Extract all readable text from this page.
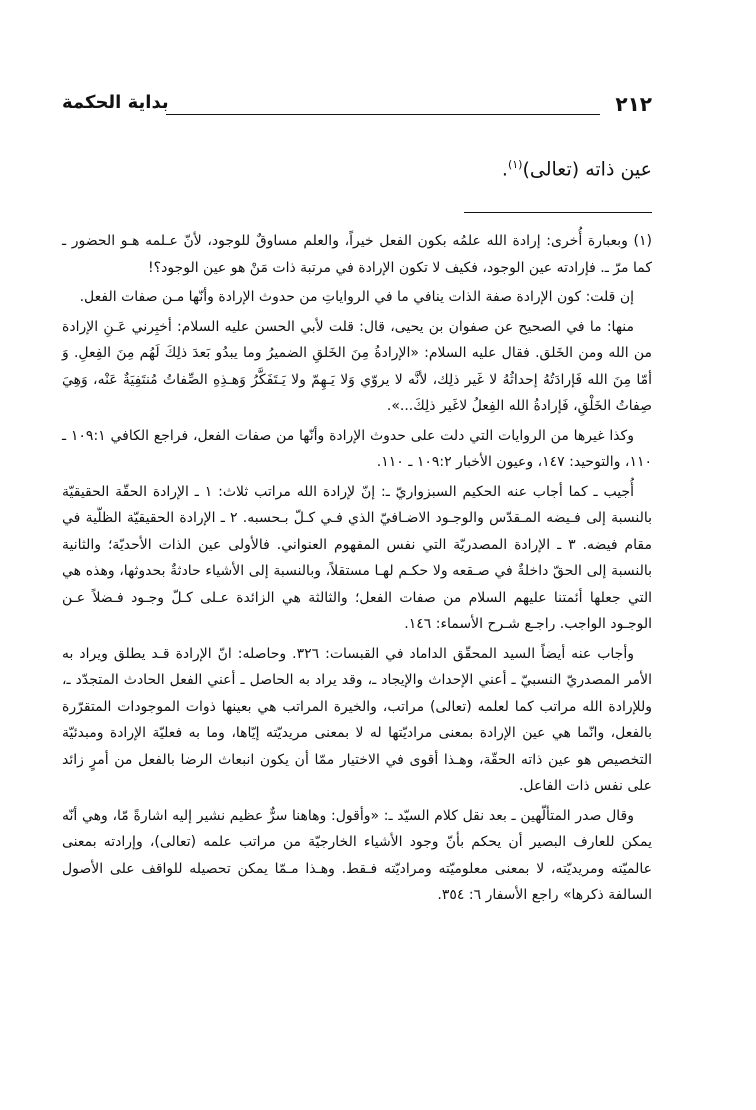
٢١٢
بداية الحكمة
عين ذاته (تعالى)$^{(١)}$.

(١) وبعبارة أُخرى: إرادة الله علمُه بكون الفعل خيراً، والعلم مساوقٌ للوجود، لأنّ عـلمه هـو الحضور ـ كما مرّ ـ. فإرادته عين الوجود، فكيف لا تكون الإرادة في مرتبة ذات مَنْ هو عين الوجود؟!

إن قلت: كون الإرادة صفة الذات ينافي ما في الرواياتِ من حدوث الإرادة وأنّها مـن صفات الفعل.

منها: ما في الصحيح عن صفوان بن يحيى، قال: قلت لأبي الحسن عليه السلام: أخبِرني عَـنِ الإرادة من الله ومن الخَلق. فقال عليه السلام: «الإرادةُ مِنَ الخَلقِ الضميرُ وما يبدُو بَعدَ ذلِكَ لَهُم مِنَ الفِعلِ. وَ أمّا مِنَ الله فَإرادَتُهُ إحداثُهُ لا غَير ذلِك، لأنَّه لا يروّي وَلا يَـهِمّ ولا يَـتَفَكَّرُ وَهـذِهِ الصِّفاتُ مُنتَفِيَةٌ عَنْه، وَهِيَ صِفاتُ الخَلْقِ، فَإرادةُ الله الفِعلُ لاغَير ذلِكَ...».

وكذا غيرها من الروايات التي دلت على حدوث الإرادة وأنّها من صفات الفعل، فراجع الكافي ١٠٩:١ ـ ١١٠، والتوحيد: ١٤٧، وعيون الأخبار ١٠٩:٢ ـ ١١٠.

أُجيب ـ كما أجاب عنه الحكيم السبزواريّ ـ: إنّ لإرادة الله مراتب ثلاث: ١ ـ الإرادة الحقّة الحقيقيّة بالنسبة إلى فـيضه المـقدّس والوجـود الاضـافيّ الذي فـي كـلّ بـحسبه. ٢ ـ الإرادة الحقيقيّة الظلّية في مقام فيضه. ٣ ـ الإرادة المصدريّة التي نفس المفهوم العنواني. فالأولى عين الذات الأحديّة؛ والثانية بالنسبة إلى الحقّ داخلةٌ في صـقعه ولا حكـم لهـا مستقلاً، وبالنسبة إلى الأشياء حادثةٌ بحدوثها، وهذه هي التي جعلها أئمتنا عليهم السلام من صفات الفعل؛ والثالثة هي الزائدة عـلى كـلّ وجـود فـضلاً عـن الوجـود الواجب. راجـع شـرح الأسماء: ١٤٦.

وأجاب عنه أيضاً السيد المحقّق الداماد في القبسات: ٣٢٦. وحاصله: انّ الإرادة قـد يطلق ويراد به الأمر المصدريّ النسبيّ ـ أعني الإحداث والإيجاد ـ، وقد يراد به الحاصل ـ أعني الفعل الحادث المتجدّد ـ، وللإرادة الله مراتب كما لعلمه (تعالى) مراتب، والخيرة المراتب هي بعينها ذوات الموجودات المتقرّرة بالفعل، وانّما هي عين الإرادة بمعنى مراديّتها له لا بمعنى مريديّته إيّاها، وما به فعليّة الإرادة ومبدئيّة التخصيص هو عين ذاته الحقّة، وهـذا أقوى في الاختيار ممّا أن يكون انبعاث الرضا بالفعل من أمرٍ زائد على نفس ذات الفاعل.

وقال صدر المتألّهين ـ بعد نقل كلام السيّد ـ: «وأقول: وهاهنا سرٌّ عظيم نشير إليه اشارةً مّا، وهي أنّه يمكن للعارف البصير أن يحكم بأنّ وجود الأشياء الخارجيّة من مراتب علمه (تعالى)، وإرادته بمعنى عالميّته ومريديّته، لا بمعنى معلوميّته ومراديّته فـقط. وهـذا مـمّا يمكن تحصيله للواقف على الأصول السالفة ذكرها» راجع الأسفار ٦: ٣٥٤.
